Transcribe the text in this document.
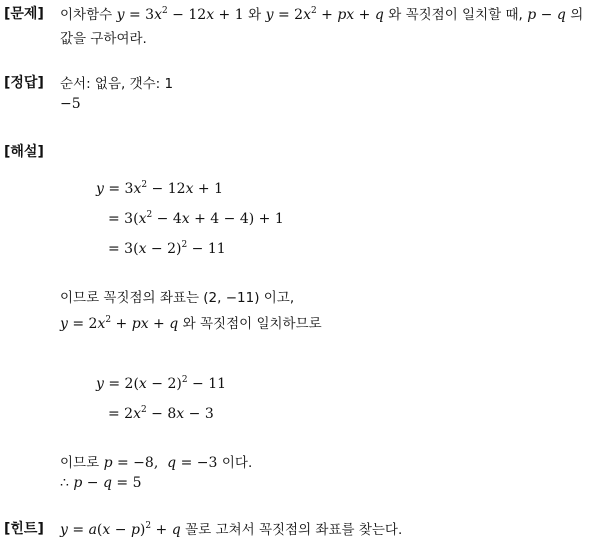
[문제] 이차함수 $y = 3x^2 - 12x + 1$ 와 $y = 2x^2$ + px + q 와 꼭짓점이 일치할 때, p − q 의
값을 구하여라.
[정답] 순서: 없음, 갯수: 1
−5
[해설]
$y = 3x^2 - 12x + 1$
= $3(x^2 - 4x + 4 - 4) + 1$
= $3(x - 2)^2 - 11$
이므로 꼭짓점의 좌표는 (2, −11) 이고,
$y = 2x^2$ + px + q 와 꼭짓점이 일치하므로
$y = 2(x - 2)^2 - 11$
= $2x^2 - 8x - 3$
이므로 p = −8,  q = −3 이다.
∴ p − q = 5
[힌트] $y = a(x - p)^2 + q$ 꼴로 고쳐서 꼭짓점의 좌표를 찾는다.
